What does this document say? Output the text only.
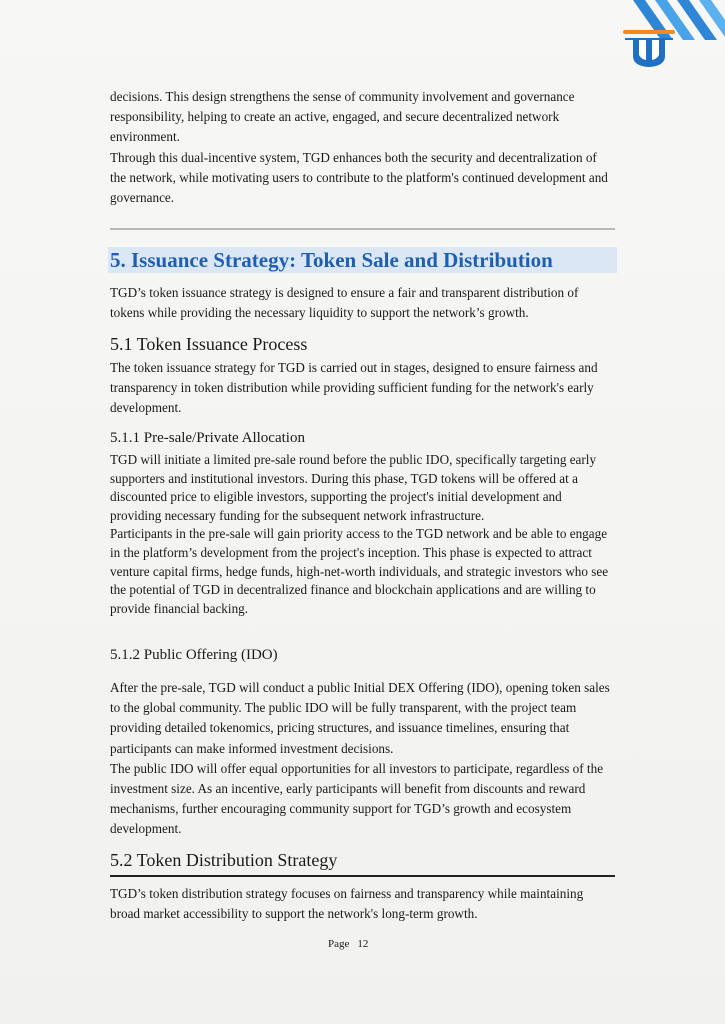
decisions. This design strengthens the sense of community involvement and governance responsibility, helping to create an active, engaged, and secure decentralized network environment.

Through this dual-incentive system, TGD enhances both the security and decentralization of the network, while motivating users to contribute to the platform's continued development and governance.

5. Issuance Strategy: Token Sale and Distribution

TGD’s token issuance strategy is designed to ensure a fair and transparent distribution of tokens while providing the necessary liquidity to support the network’s growth.

5.1 Token Issuance Process

The token issuance strategy for TGD is carried out in stages, designed to ensure fairness and transparency in token distribution while providing sufficient funding for the network's early development.

5.1.1 Pre-sale/Private Allocation

TGD will initiate a limited pre-sale round before the public IDO, specifically targeting early supporters and institutional investors. During this phase, TGD tokens will be offered at a discounted price to eligible investors, supporting the project's initial development and providing necessary funding for the subsequent network infrastructure.

Participants in the pre-sale will gain priority access to the TGD network and be able to engage in the platform’s development from the project's inception. This phase is expected to attract venture capital firms, hedge funds, high-net-worth individuals, and strategic investors who see the potential of TGD in decentralized finance and blockchain applications and are willing to provide financial backing.

5.1.2 Public Offering (IDO)

After the pre-sale, TGD will conduct a public Initial DEX Offering (IDO), opening token sales to the global community. The public IDO will be fully transparent, with the project team providing detailed tokenomics, pricing structures, and issuance timelines, ensuring that participants can make informed investment decisions.

The public IDO will offer equal opportunities for all investors to participate, regardless of the investment size. As an incentive, early participants will benefit from discounts and reward mechanisms, further encouraging community support for TGD’s growth and ecosystem development.

5.2 Token Distribution Strategy

TGD’s token distribution strategy focuses on fairness and transparency while maintaining broad market accessibility to support the network's long-term growth.

Page 12
